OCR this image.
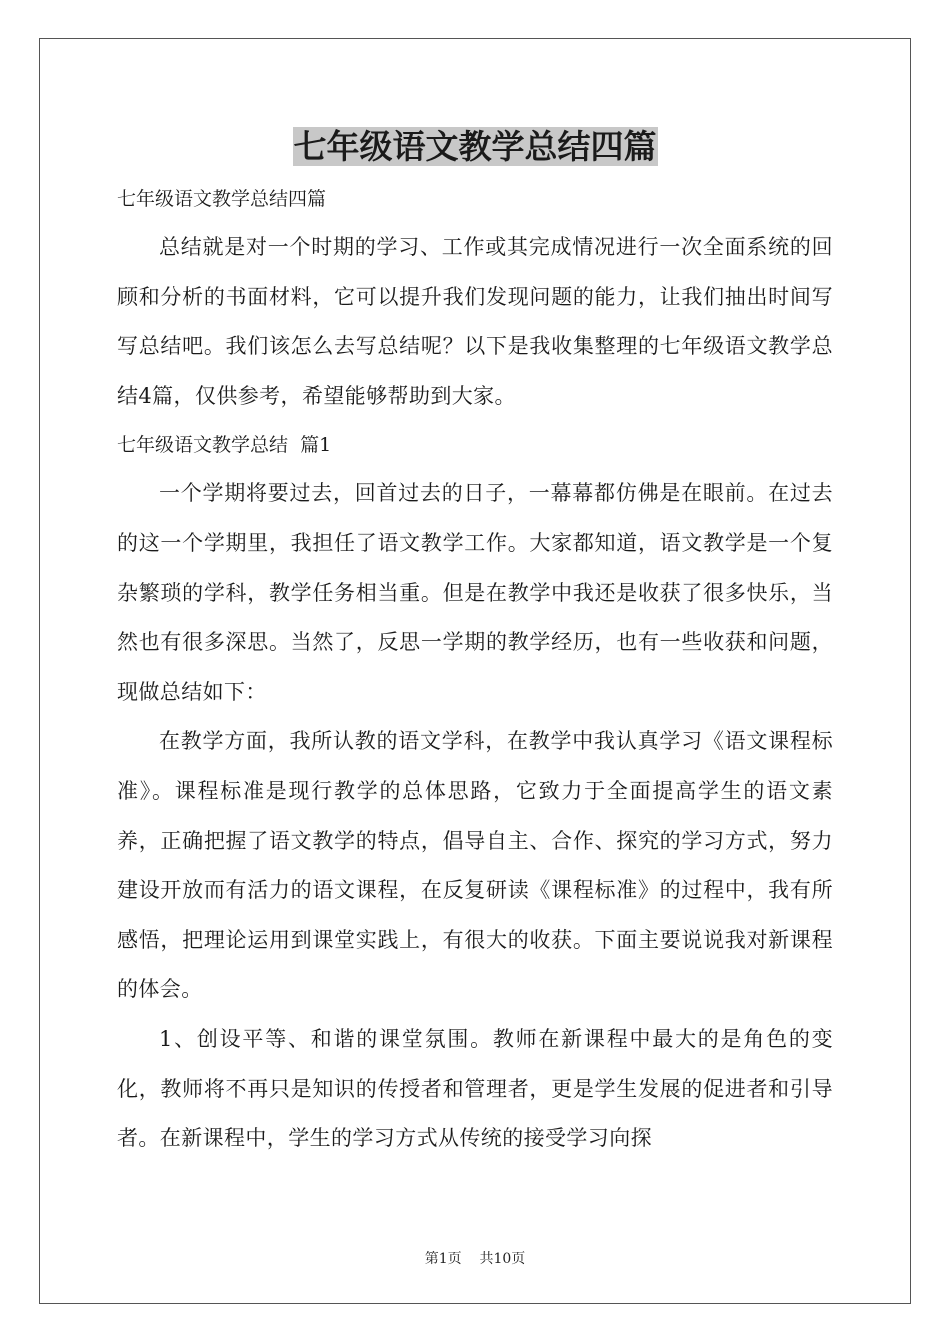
七年级语文教学总结四篇

七年级语文教学总结四篇

总结就是对一个时期的学习、工作或其完成情况进行一次全面系统的回顾和分析的书面材料，它可以提升我们发现问题的能力，让我们抽出时间写写总结吧。我们该怎么去写总结呢？以下是我收集整理的七年级语文教学总结4篇，仅供参考，希望能够帮助到大家。

七年级语文教学总结  篇1

一个学期将要过去，回首过去的日子，一幕幕都仿佛是在眼前。在过去的这一个学期里，我担任了语文教学工作。大家都知道，语文教学是一个复杂繁琐的学科，教学任务相当重。但是在教学中我还是收获了很多快乐，当然也有很多深思。当然了，反思一学期的教学经历，也有一些收获和问题，现做总结如下：

在教学方面，我所认教的语文学科，在教学中我认真学习《语文课程标准》。课程标准是现行教学的总体思路，它致力于全面提高学生的语文素养，正确把握了语文教学的特点，倡导自主、合作、探究的学习方式，努力建设开放而有活力的语文课程，在反复研读《课程标准》的过程中，我有所感悟，把理论运用到课堂实践上，有很大的收获。下面主要说说我对新课程的体会。

1、创设平等、和谐的课堂氛围。教师在新课程中最大的是角色的变化，教师将不再只是知识的传授者和管理者，更是学生发展的促进者和引导者。在新课程中，学生的学习方式从传统的接受学习向探

第1页    共10页
